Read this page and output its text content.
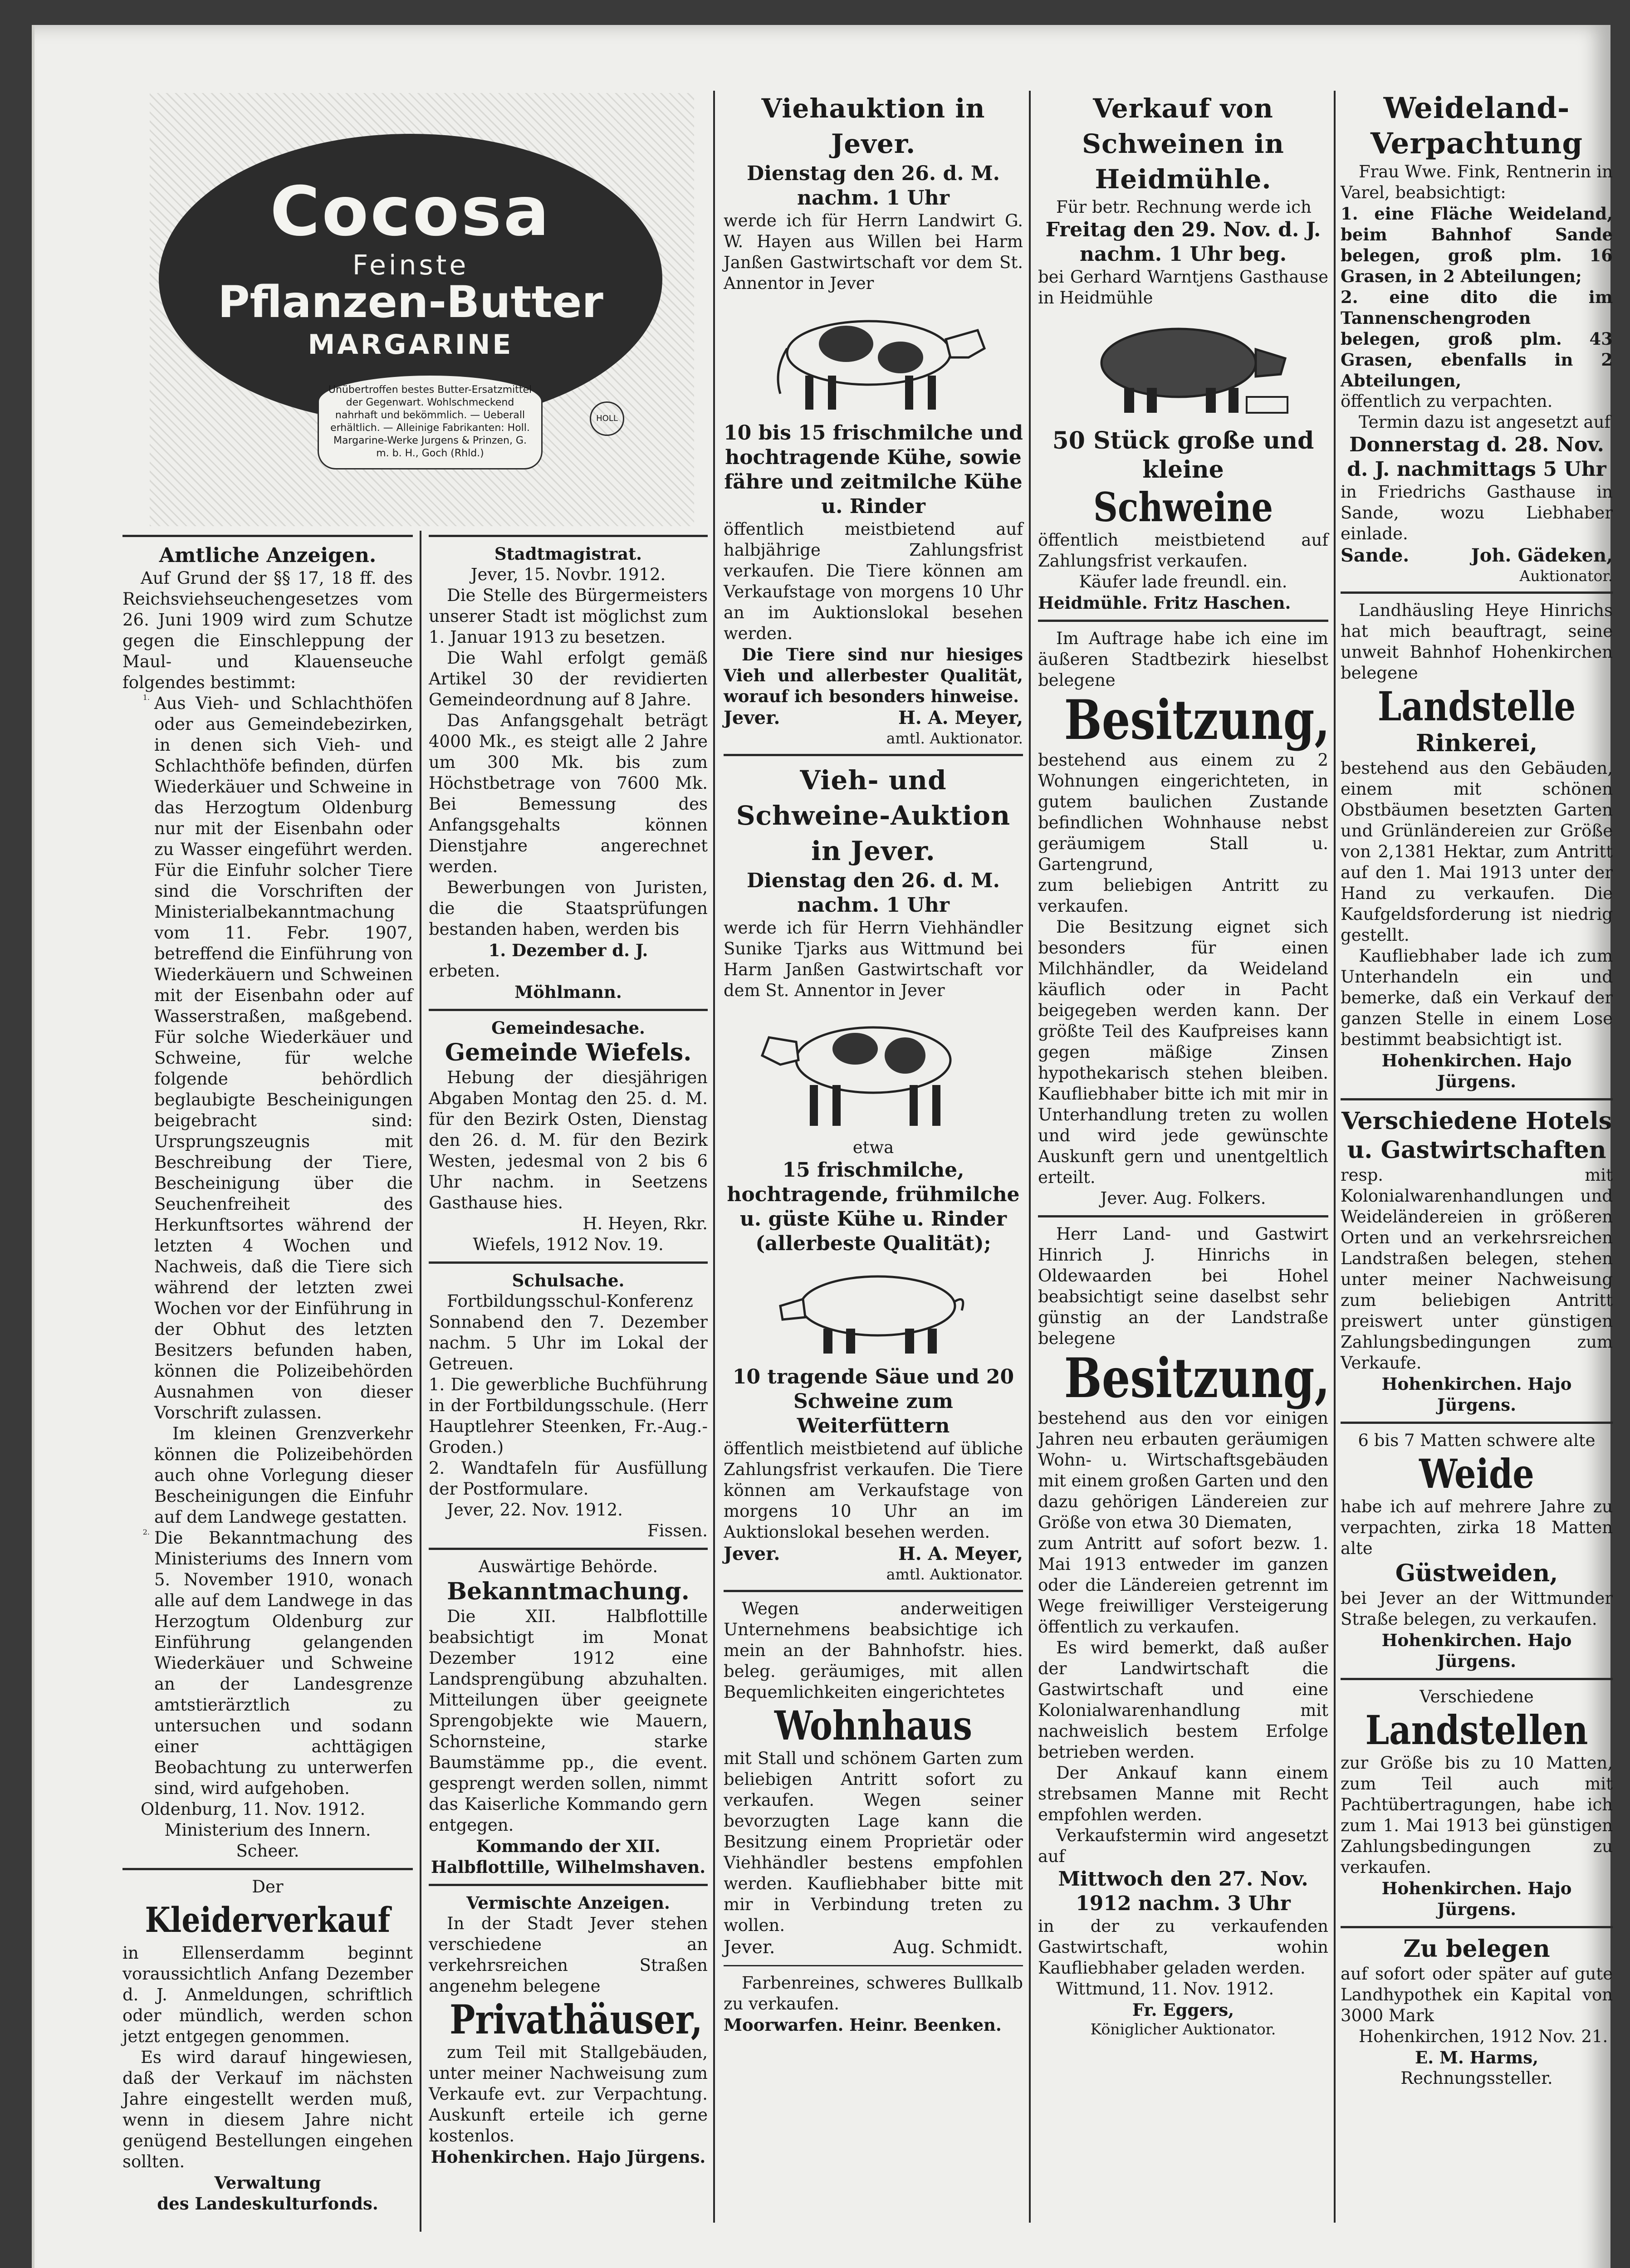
Cocosa
Feinste
Pflanzen-Butter
MARGARINE
Unübertroffen bestes Butter-Ersatzmittel der Gegenwart. Wohlschmeckend nahrhaft und bekömmlich. — Ueberall erhältlich. — Alleinige Fabrikanten: Holl. Margarine-Werke Jurgens & Prinzen, G. m. b. H., Goch (Rhld.)
HOLL

Amtliche Anzeigen.

Auf Grund der §§ 17, 18 ff. des Reichsviehseuchengesetzes vom 26. Juni 1909 wird zum Schutze gegen die Einschleppung der Maul- und Klauenseuche folgendes bestimmt:

1. Aus Vieh- und Schlachthöfen oder aus Gemeindebezirken, in denen sich Vieh- und Schlachthöfe befinden, dürfen Wiederkäuer und Schweine in das Herzogtum Oldenburg nur mit der Eisenbahn oder zu Wasser eingeführt werden. Für die Einfuhr solcher Tiere sind die Vorschriften der Ministerialbekanntmachung vom 11. Febr. 1907, betreffend die Einführung von Wiederkäuern und Schweinen mit der Eisenbahn oder auf Wasserstraßen, maßgebend. Für solche Wiederkäuer und Schweine, für welche folgende behördlich beglaubigte Bescheinigungen beigebracht sind: Ursprungszeugnis mit Beschreibung der Tiere, Bescheinigung über die Seuchenfreiheit des Herkunftsortes während der letzten 4 Wochen und Nachweis, daß die Tiere sich während der letzten zwei Wochen vor der Einführung in der Obhut des letzten Besitzers befunden haben, können die Polizeibehörden Ausnahmen von dieser Vorschrift zulassen.

Im kleinen Grenzverkehr können die Polizeibehörden auch ohne Vorlegung dieser Bescheinigungen die Einfuhr auf dem Landwege gestatten.

2. Die Bekanntmachung des Ministeriums des Innern vom 5. November 1910, wonach alle auf dem Landwege in das Herzogtum Oldenburg zur Einführung gelangenden Wiederkäuer und Schweine an der Landesgrenze amtstierärztlich zu untersuchen und sodann einer achttägigen Beobachtung zu unterwerfen sind, wird aufgehoben.

Oldenburg, 11. Nov. 1912.

Ministerium des Innern.

Scheer.

Der

Kleiderverkauf

in Ellenserdamm beginnt voraussichtlich Anfang Dezember d. J. Anmeldungen, schriftlich oder mündlich, werden schon jetzt entgegen genommen.

Es wird darauf hingewiesen, daß der Verkauf im nächsten Jahre eingestellt werden muß, wenn in diesem Jahre nicht genügend Bestellungen eingehen sollten.

Verwaltung

des Landeskulturfonds.

Stadtmagistrat.

Jever, 15. Novbr. 1912.

Die Stelle des Bürgermeisters unserer Stadt ist möglichst zum 1. Januar 1913 zu besetzen.

Die Wahl erfolgt gemäß Artikel 30 der revidierten Gemeindeordnung auf 8 Jahre.

Das Anfangsgehalt beträgt 4000 Mk., es steigt alle 2 Jahre um 300 Mk. bis zum Höchstbetrage von 7600 Mk. Bei Bemessung des Anfangsgehalts können Dienstjahre angerechnet werden.

Bewerbungen von Juristen, die die Staatsprüfungen bestanden haben, werden bis

1. Dezember d. J.

erbeten.

Möhlmann.

Gemeindesache.

Gemeinde Wiefels.

Hebung der diesjährigen Abgaben Montag den 25. d. M. für den Bezirk Osten, Dienstag den 26. d. M. für den Bezirk Westen, jedesmal von 2 bis 6 Uhr nachm. in Seetzens Gasthause hies.

H. Heyen, Rkr.

Wiefels, 1912 Nov. 19.

Schulsache.

Fortbildungsschul-Konferenz Sonnabend den 7. Dezember nachm. 5 Uhr im Lokal der Getreuen.

1. Die gewerbliche Buchführung in der Fortbildungsschule. (Herr Hauptlehrer Steenken, Fr.-Aug.-Groden.)

2. Wandtafeln für Ausfüllung der Postformulare.

Jever, 22. Nov. 1912.

Fissen.

Auswärtige Behörde.

Bekanntmachung.

Die XII. Halbflottille beabsichtigt im Monat Dezember 1912 eine Landsprengübung abzuhalten. Mitteilungen über geeignete Sprengobjekte wie Mauern, Schornsteine, starke Baumstämme pp., die event. gesprengt werden sollen, nimmt das Kaiserliche Kommando gern entgegen.

Kommando der XII. Halbflottille, Wilhelmshaven.

Vermischte Anzeigen.

In der Stadt Jever stehen verschiedene an verkehrsreichen Straßen angenehm belegene

Privathäuser,

zum Teil mit Stallgebäuden, unter meiner Nachweisung zum Verkaufe evt. zur Verpachtung. Auskunft erteile ich gerne kostenlos.

Hohenkirchen. Hajo Jürgens.

Viehauktion in Jever.

Dienstag den 26. d. M. nachm. 1 Uhr

werde ich für Herrn Landwirt G. W. Hayen aus Willen bei Harm Janßen Gastwirtschaft vor dem St. Annentor in Jever

10 bis 15 frischmilche und hochtragende Kühe, sowie fähre und zeitmilche Kühe u. Rinder

öffentlich meistbietend auf halbjährige Zahlungsfrist verkaufen. Die Tiere können am Verkaufstage von morgens 10 Uhr an im Auktionslokal besehen werden.

Die Tiere sind nur hiesiges Vieh und allerbester Qualität, worauf ich besonders hinweise.

Jever.	H. A. Meyer,

amtl. Auktionator.

Vieh- und Schweine-Auktion in Jever.

Dienstag den 26. d. M. nachm. 1 Uhr

werde ich für Herrn Viehhändler Sunike Tjarks aus Wittmund bei Harm Janßen Gastwirtschaft vor dem St. Annentor in Jever

etwa

15 frischmilche, hochtragende, frühmilche u. güste Kühe u. Rinder (allerbeste Qualität);

10 tragende Säue und 20 Schweine zum Weiterfüttern

öffentlich meistbietend auf übliche Zahlungsfrist verkaufen. Die Tiere können am Verkaufstage von morgens 10 Uhr an im Auktionslokal besehen werden.

Jever.	H. A. Meyer,

amtl. Auktionator.

Wegen anderweitigen Unternehmens beabsichtige ich mein an der Bahnhofstr. hies. beleg. geräumiges, mit allen Bequemlichkeiten eingerichtetes

Wohnhaus

mit Stall und schönem Garten zum beliebigen Antritt sofort zu verkaufen. Wegen seiner bevorzugten Lage kann die Besitzung einem Proprietär oder Viehhändler bestens empfohlen werden. Kaufliebhaber bitte mit mir in Verbindung treten zu wollen.

Jever.	Aug. Schmidt.

Farbenreines, schweres Bullkalb zu verkaufen.

Moorwarfen. Heinr. Beenken.

Verkauf von Schweinen in Heidmühle.

Für betr. Rechnung werde ich

Freitag den 29. Nov. d. J. nachm. 1 Uhr beg.

bei Gerhard Warntjens Gasthause in Heidmühle

50 Stück große und kleine

Schweine

öffentlich meistbietend auf Zahlungsfrist verkaufen.

Käufer lade freundl. ein.

Heidmühle. Fritz Haschen.

Im Auftrage habe ich eine im äußeren Stadtbezirk hieselbst belegene

Besitzung,

bestehend aus einem zu 2 Wohnungen eingerichteten, in gutem baulichen Zustande befindlichen Wohnhause nebst geräumigem Stall u. Gartengrund,

zum beliebigen Antritt zu verkaufen.

Die Besitzung eignet sich besonders für einen Milchhändler, da Weideland käuflich oder in Pacht beigegeben werden kann. Der größte Teil des Kaufpreises kann gegen mäßige Zinsen hypothekarisch stehen bleiben. Kaufliebhaber bitte ich mit mir in Unterhandlung treten zu wollen und wird jede gewünschte Auskunft gern und unentgeltlich erteilt.

Jever. Aug. Folkers.

Herr Land- und Gastwirt Hinrich J. Hinrichs in Oldewaarden bei Hohel beabsichtigt seine daselbst sehr günstig an der Landstraße belegene

Besitzung,

bestehend aus den vor einigen Jahren neu erbauten geräumigen Wohn- u. Wirtschaftsgebäuden mit einem großen Garten und den dazu gehörigen Ländereien zur Größe von etwa 30 Diematen,

zum Antritt auf sofort bezw. 1. Mai 1913 entweder im ganzen oder die Ländereien getrennt im Wege freiwilliger Versteigerung öffentlich zu verkaufen.

Es wird bemerkt, daß außer der Landwirtschaft die Gastwirtschaft und eine Kolonialwarenhandlung mit nachweislich bestem Erfolge betrieben werden.

Der Ankauf kann einem strebsamen Manne mit Recht empfohlen werden.

Verkaufstermin wird angesetzt auf

Mittwoch den 27. Nov. 1912 nachm. 3 Uhr

in der zu verkaufenden Gastwirtschaft, wohin Kaufliebhaber geladen werden.

Wittmund, 11. Nov. 1912.

Fr. Eggers,

Königlicher Auktionator.

Weideland-Verpachtung

Frau Wwe. Fink, Rentnerin in Varel, beabsichtigt:

1. eine Fläche Weideland, beim Bahnhof Sande belegen, groß plm. 16 Grasen, in 2 Abteilungen;

2. eine dito die im Tannenschengroden belegen, groß plm. 43 Grasen, ebenfalls in 2 Abteilungen,

öffentlich zu verpachten.

Termin dazu ist angesetzt auf

Donnerstag d. 28. Nov. d. J. nachmittags 5 Uhr

in Friedrichs Gasthause in Sande, wozu Liebhaber einlade.

Sande.	Joh. Gädeken,

Auktionator.

Landhäusling Heye Hinrichs hat mich beauftragt, seine unweit Bahnhof Hohenkirchen belegene

Landstelle

Rinkerei,

bestehend aus den Gebäuden, einem mit schönen Obstbäumen besetzten Garten und Grünländereien zur Größe von 2,1381 Hektar, zum Antritt auf den 1. Mai 1913 unter der Hand zu verkaufen. Die Kaufgeldsforderung ist niedrig gestellt.

Kaufliebhaber lade ich zum Unterhandeln ein und bemerke, daß ein Verkauf der ganzen Stelle in einem Lose bestimmt beabsichtigt ist.

Hohenkirchen. Hajo Jürgens.

Verschiedene Hotels u. Gastwirtschaften

resp. mit Kolonialwarenhandlungen und Weideländereien in größeren Orten und an verkehrsreichen Landstraßen belegen, stehen unter meiner Nachweisung zum beliebigen Antritt preiswert unter günstigen Zahlungsbedingungen zum Verkaufe.

Hohenkirchen. Hajo Jürgens.

6 bis 7 Matten schwere alte

Weide

habe ich auf mehrere Jahre zu verpachten, zirka 18 Matten alte

Güstweiden,

bei Jever an der Wittmunder Straße belegen, zu verkaufen.

Hohenkirchen. Hajo Jürgens.

Verschiedene

Landstellen

zur Größe bis zu 10 Matten, zum Teil auch mit Pachtübertragungen, habe ich zum 1. Mai 1913 bei günstigen Zahlungsbedingungen zu verkaufen.

Hohenkirchen. Hajo Jürgens.

Zu belegen

auf sofort oder später auf gute Landhypothek ein Kapital von 3000 Mark

Hohenkirchen, 1912 Nov. 21.

E. M. Harms,

Rechnungssteller.
